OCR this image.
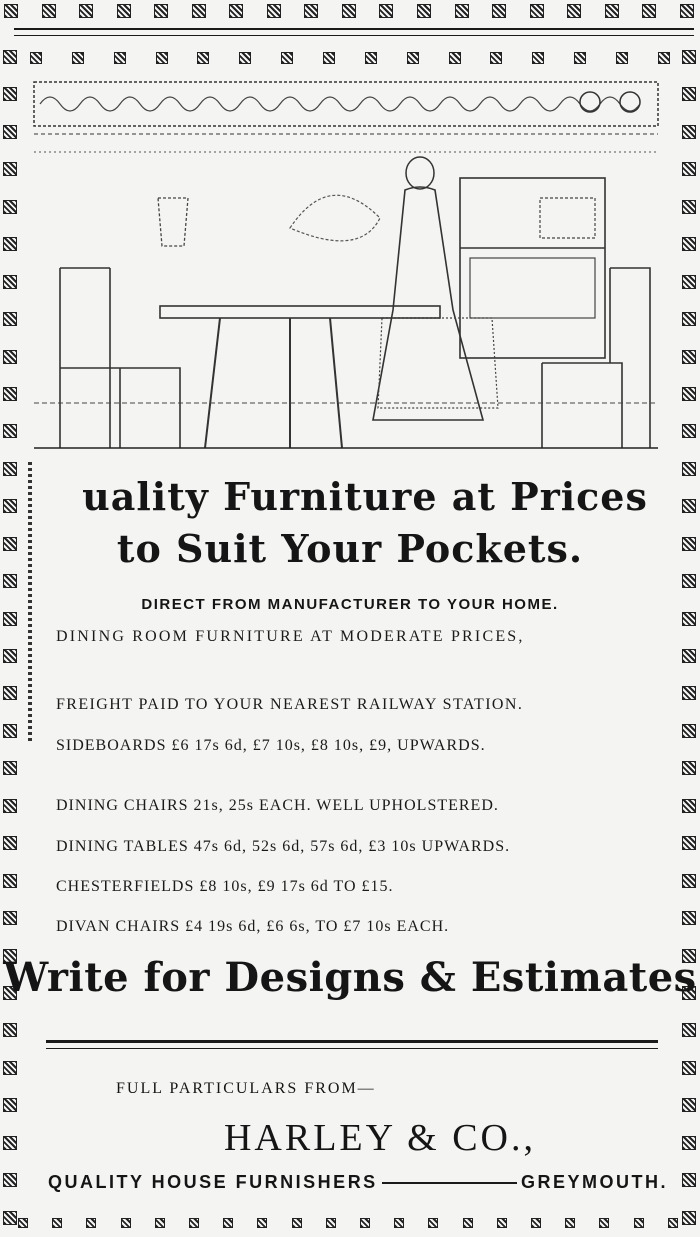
uality Furniture at Prices
to Suit Your Pockets.
DIRECT FROM MANUFACTURER TO YOUR HOME.
DINING ROOM FURNITURE AT MODERATE PRICES,
FREIGHT PAID TO YOUR NEAREST RAILWAY STATION.
SIDEBOARDS £6 17s 6d, £7 10s, £8 10s, £9, UPWARDS.
DINING CHAIRS 21s, 25s EACH. WELL UPHOLSTERED.
DINING TABLES 47s 6d, 52s 6d, 57s 6d, £3 10s UPWARDS.
CHESTERFIELDS £8 10s, £9 17s 6d TO £15.
DIVAN CHAIRS £4 19s 6d, £6 6s, TO £7 10s EACH.
Write for Designs & Estimates
FULL PARTICULARS FROM—
HARLEY & CO.,
QUALITY HOUSE FURNISHERS	GREYMOUTH.
